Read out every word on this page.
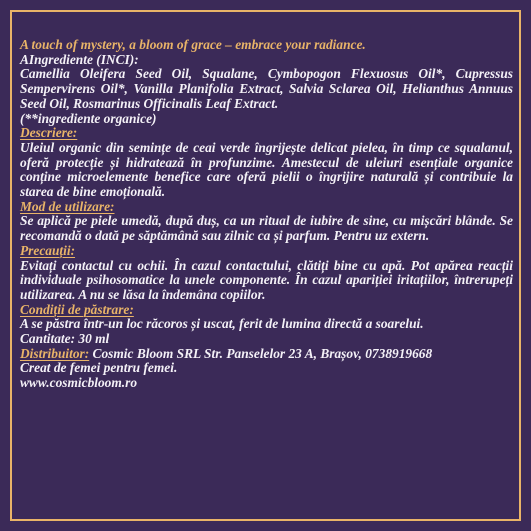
A touch of mystery, a bloom of grace – embrace your radiance.

AIngrediente (INCI):

Camellia Oleifera Seed Oil, Squalane, Cymbopogon Flexuosus Oil*, Cupressus Sempervirens Oil*, Vanilla Planifolia Extract, Salvia Sclarea Oil, Helianthus Annuus Seed Oil, Rosmarinus Officinalis Leaf Extract.

(**ingrediente organice)

Descriere:

Uleiul organic din semințe de ceai verde îngrijește delicat pielea, în timp ce squalanul, oferă protecție și hidratează în profunzime. Amestecul de uleiuri esențiale organice conține microelemente benefice care oferă pielii o îngrijire naturală și contribuie la starea de bine emoțională.

Mod de utilizare:

Se aplică pe piele umedă, după duș, ca un ritual de iubire de sine, cu mișcări blânde. Se recomandă o dată pe săptămână sau zilnic ca și parfum. Pentru uz extern.

Precauții:

Evitați contactul cu ochii. În cazul contactului, clătiți bine cu apă. Pot apărea reacții individuale psihosomatice la unele componente. În cazul apariției iritațiilor, întrerupeți utilizarea. A nu se lăsa la îndemâna copiilor.

Condiții de păstrare:

A se păstra într-un loc răcoros și uscat, ferit de lumina directă a soarelui.

Cantitate: 30 ml

Distribuitor: Cosmic Bloom SRL Str. Panselelor 23 A, Brașov, 0738919668

Creat de femei pentru femei.

www.cosmicbloom.ro
